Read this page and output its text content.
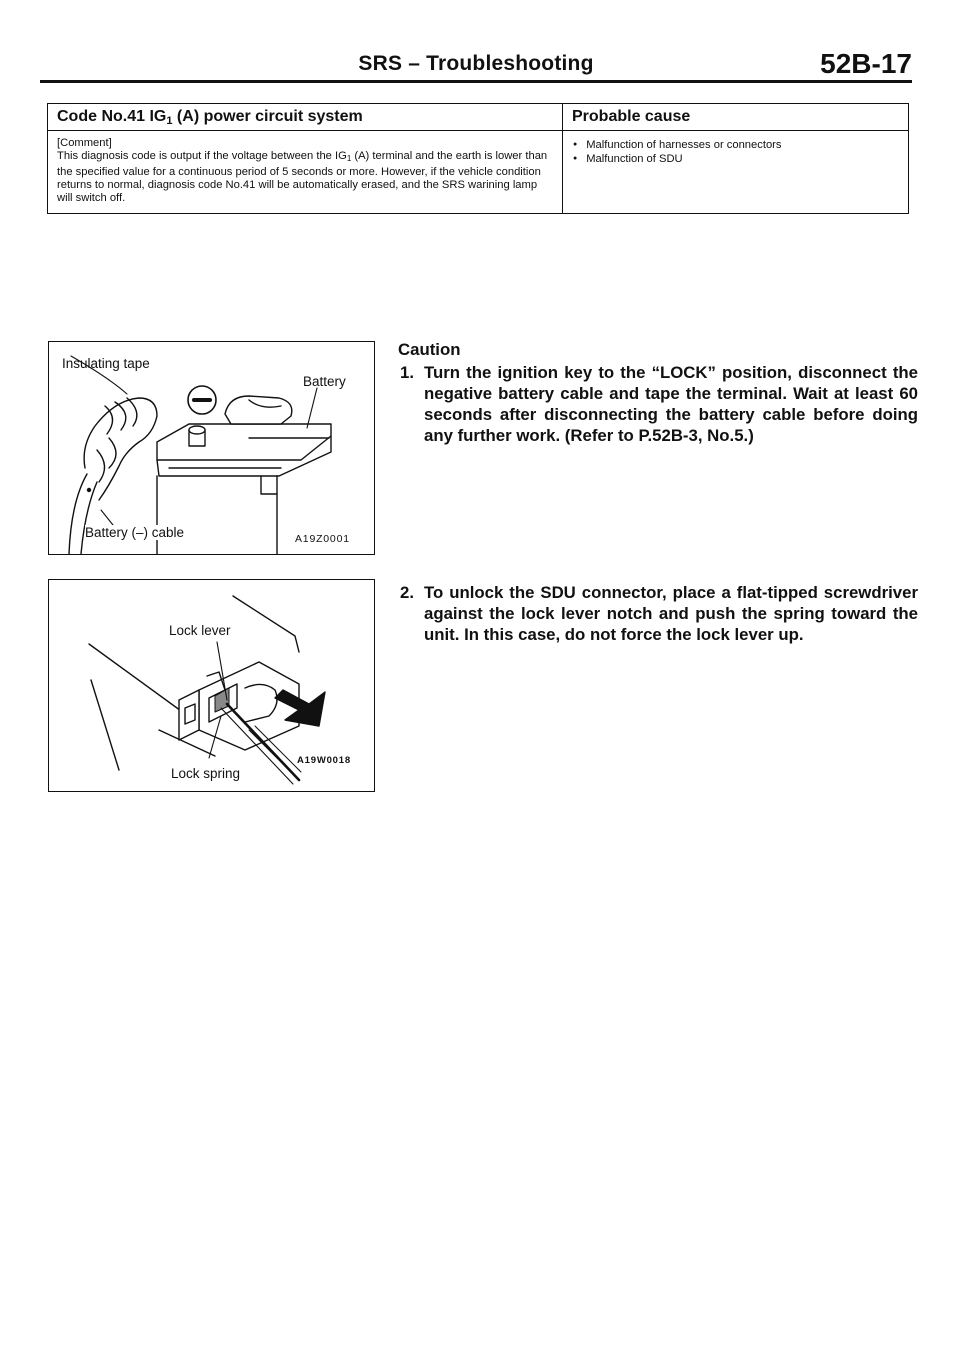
SRS – Troubleshooting	52B-17
Code No.41 $IG_1$ (A) power circuit system
[Comment]
This diagnosis code is output if the voltage between the $IG_1$ (A) terminal and the earth is lower than the specified value for a continuous period of 5 seconds or more. However, if the vehicle condition returns to normal, diagnosis code No.41 will be automatically erased, and the SRS warining lamp will switch off.
Probable cause
● Malfunction of harnesses or connectors
● Malfunction of SDU
Insulating tape
Battery
Battery (–) cable	A19Z0001
Lock lever
Lock spring
A19W0018
Caution
1. Turn the ignition key to the “LOCK” position, disconnect the negative battery cable and tape the terminal. Wait at least 60 seconds after disconnecting the battery cable before doing any further work. (Refer to P.52B-3, No.5.)
2. To unlock the SDU connector, place a flat-tipped screwdriver against the lock lever notch and push the spring toward the unit. In this case, do not force the lock lever up.
